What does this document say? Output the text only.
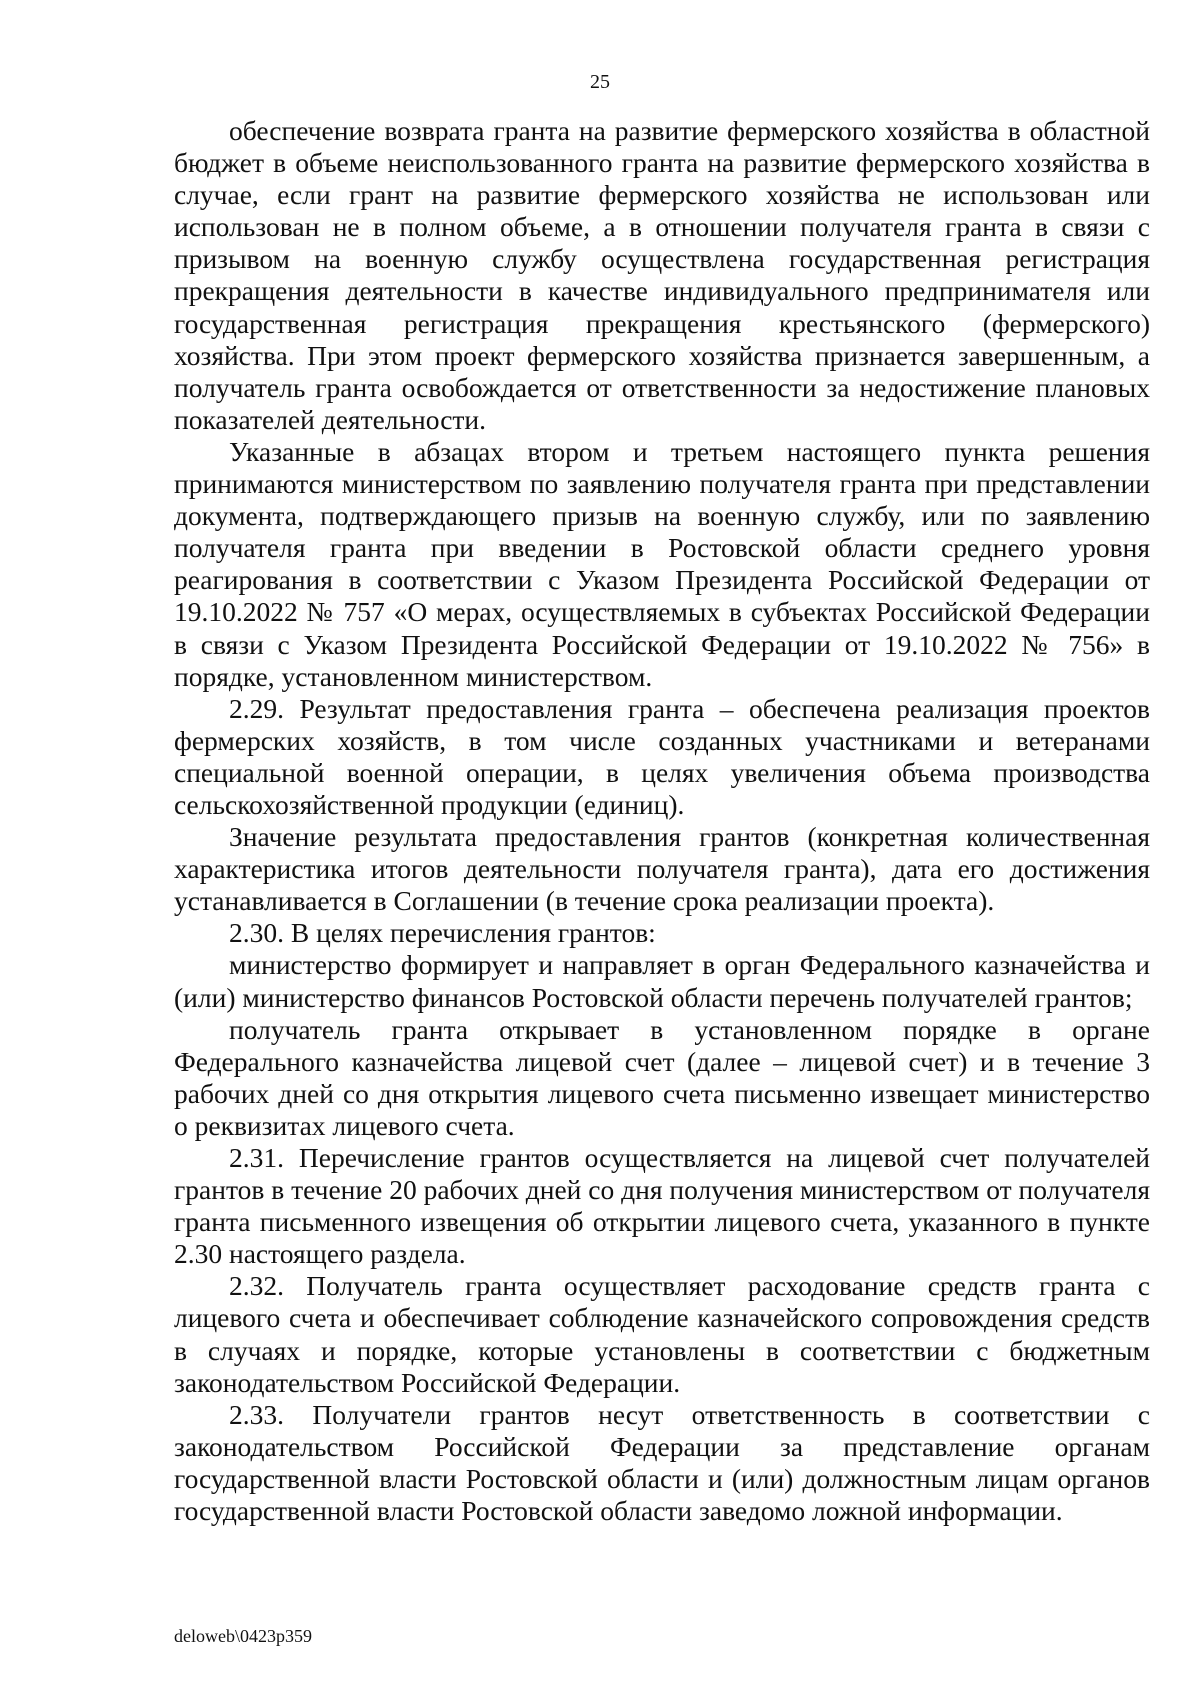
25

обеспечение возврата гранта на развитие фермерского хозяйства в областной бюджет в объеме неиспользованного гранта на развитие фермерского хозяйства в случае, если грант на развитие фермерского хозяйства не использован или использован не в полном объеме, а в отношении получателя гранта в связи с призывом на военную службу осуществлена государственная регистрация прекращения деятельности в качестве индивидуального предпринимателя или государственная регистрация прекращения крестьянского (фермерского) хозяйства. При этом проект фермерского хозяйства признается завершенным, а получатель гранта освобождается от ответственности за недостижение плановых показателей деятельности.

Указанные в абзацах втором и третьем настоящего пункта решения принимаются министерством по заявлению получателя гранта при представлении документа, подтверждающего призыв на военную службу, или по заявлению получателя гранта при введении в Ростовской области среднего уровня реагирования в соответствии с Указом Президента Российской Федерации от 19.10.2022 № 757 «О мерах, осуществляемых в субъектах Российской Федерации в связи с Указом Президента Российской Федерации от 19.10.2022 № 756» в порядке, установленном министерством.

2.29. Результат предоставления гранта – обеспечена реализация проектов фермерских хозяйств, в том числе созданных участниками и ветеранами специальной военной операции, в целях увеличения объема производства сельскохозяйственной продукции (единиц).

Значение результата предоставления грантов (конкретная количественная характеристика итогов деятельности получателя гранта), дата его достижения устанавливается в Соглашении (в течение срока реализации проекта).

2.30. В целях перечисления грантов:

министерство формирует и направляет в орган Федерального казначейства и (или) министерство финансов Ростовской области перечень получателей грантов;

получатель гранта открывает в установленном порядке в органе Федерального казначейства лицевой счет (далее – лицевой счет) и в течение 3 рабочих дней со дня открытия лицевого счета письменно извещает министерство о реквизитах лицевого счета.

2.31. Перечисление грантов осуществляется на лицевой счет получателей грантов в течение 20 рабочих дней со дня получения министерством от получателя гранта письменного извещения об открытии лицевого счета, указанного в пункте 2.30 настоящего раздела.

2.32. Получатель гранта осуществляет расходование средств гранта с лицевого счета и обеспечивает соблюдение казначейского сопровождения средств в случаях и порядке, которые установлены в соответствии с бюджетным законодательством Российской Федерации.

2.33. Получатели грантов несут ответственность в соответствии с законодательством Российской Федерации за представление органам государственной власти Ростовской области и (или) должностным лицам органов государственной власти Ростовской области заведомо ложной информации.

deloweb\0423p359
